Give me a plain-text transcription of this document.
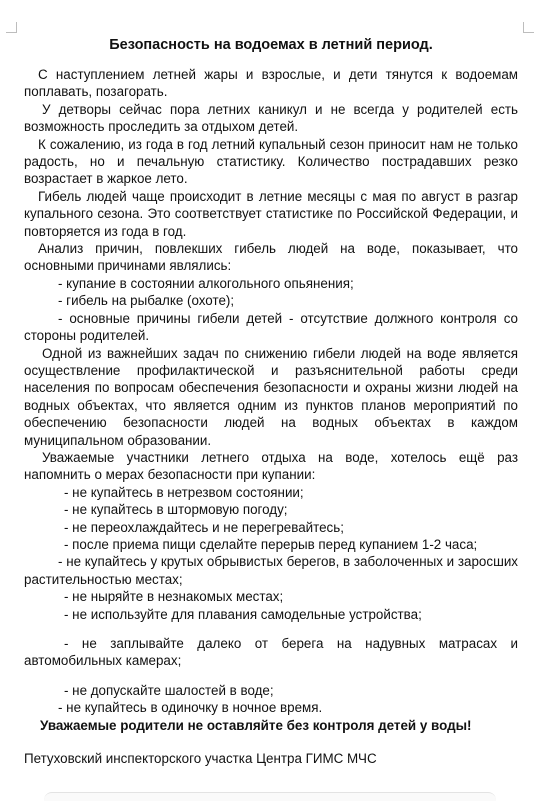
Безопасность на водоемах в летний период.

С наступлением летней жары и взрослые, и дети тянутся к водоемам поплавать, позагорать.

У детворы сейчас пора летних каникул и не всегда у родителей есть возможность проследить за отдыхом детей.

К сожалению, из года в год летний купальный сезон приносит нам не только радость, но и печальную статистику. Количество пострадавших резко возрастает в жаркое лето.

Гибель людей чаще происходит в летние месяцы с мая по август в разгар купального сезона. Это соответствует статистике по Российской Федерации, и повторяется из года в год.

Анализ причин, повлекших гибель людей на воде, показывает, что основными причинами являлись:

- купание в состоянии алкогольного опьянения;

- гибель на рыбалке (охоте);

- основные причины гибели детей - отсутствие должного контроля со стороны родителей.

Одной из важнейших задач по снижению гибели людей на воде является осуществление профилактической и разъяснительной работы среди населения по вопросам обеспечения безопасности и охраны жизни людей на водных объектах, что является одним из пунктов планов мероприятий по обеспечению безопасности людей на водных объектах в каждом муниципальном образовании.

Уважаемые участники летнего отдыха на воде, хотелось ещё раз напомнить о мерах безопасности при купании:

- не купайтесь в нетрезвом состоянии;

- не купайтесь в штормовую погоду;

- не переохлаждайтесь и не перегревайтесь;

- после приема пищи сделайте перерыв перед купанием 1-2 часа;

- не купайтесь у крутых обрывистых берегов, в заболоченных и заросших растительностью местах;

- не ныряйте в незнакомых местах;

- не используйте для плавания самодельные устройства;

- не заплывайте далеко от берега на надувных матрасах и автомобильных камерах;

- не допускайте шалостей в воде;

- не купайтесь в одиночку в ночное время.

Уважаемые родители не оставляйте без контроля детей у воды!

Петуховский инспекторского участка Центра ГИМС МЧС
